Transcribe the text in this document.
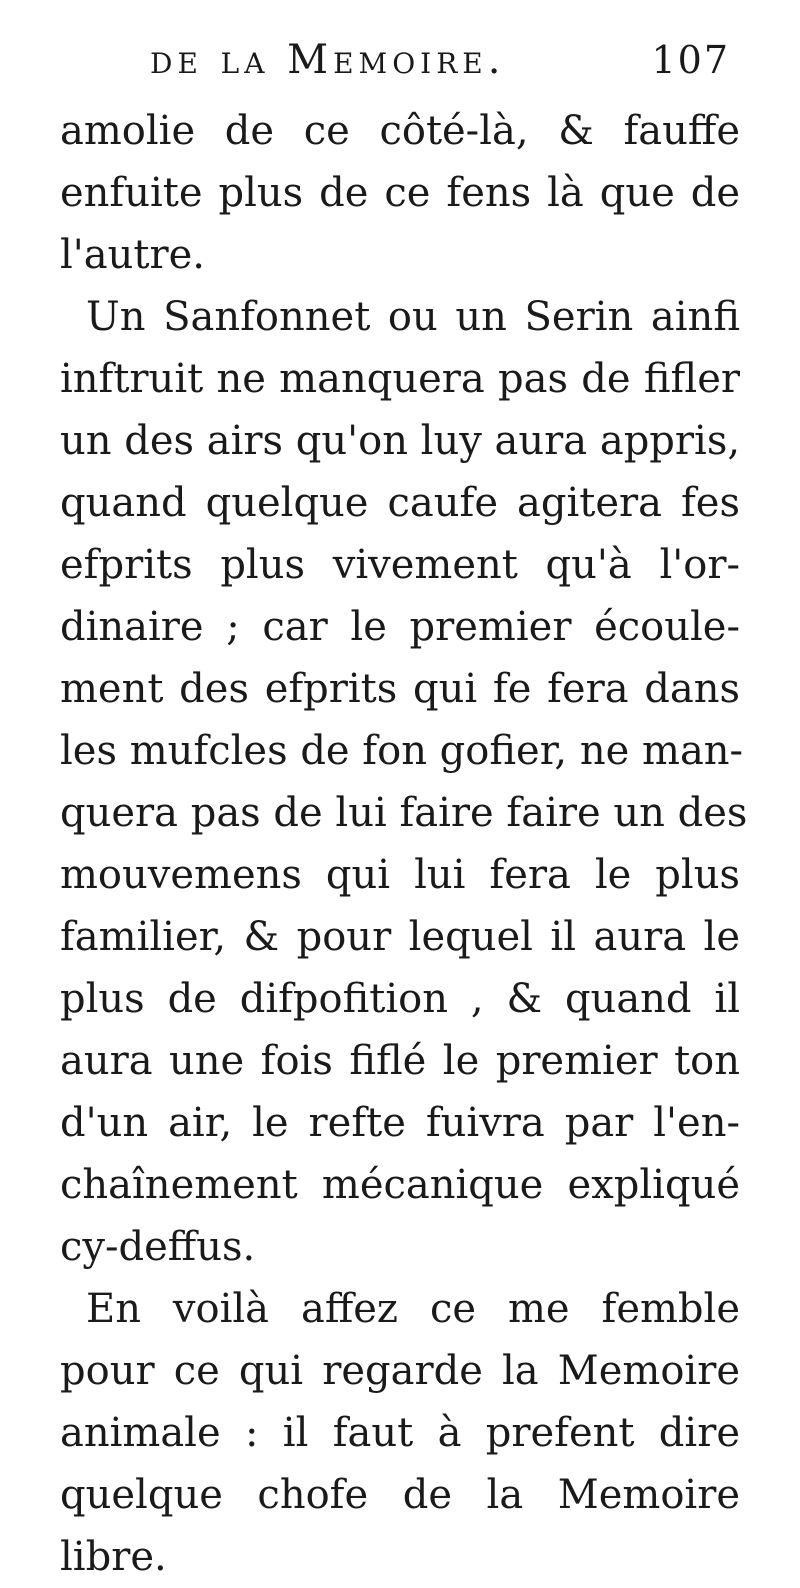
de la Memoire.	107
amolie de ce côté-là, & fauffe
enfuite plus de ce fens là que de
l'autre.
Un Sanfonnet ou un Serin ainfi
inftruit ne manquera pas de fifler
un des airs qu'on luy aura appris,
quand quelque caufe agitera fes
efprits plus vivement qu'à l'or-
dinaire ; car le premier écoule-
ment des efprits qui fe fera dans
les mufcles de fon gofier, ne man-
quera pas de lui faire faire un des
mouvemens qui lui fera le plus
familier, & pour lequel il aura le
plus de difpofition , & quand il
aura une fois fiflé le premier ton
d'un air, le refte fuivra par l'en-
chaînement mécanique expliqué
cy-deffus.
En voilà affez ce me femble
pour ce qui regarde la Memoire
animale : il faut à prefent dire
quelque chofe de la Memoire
libre.
